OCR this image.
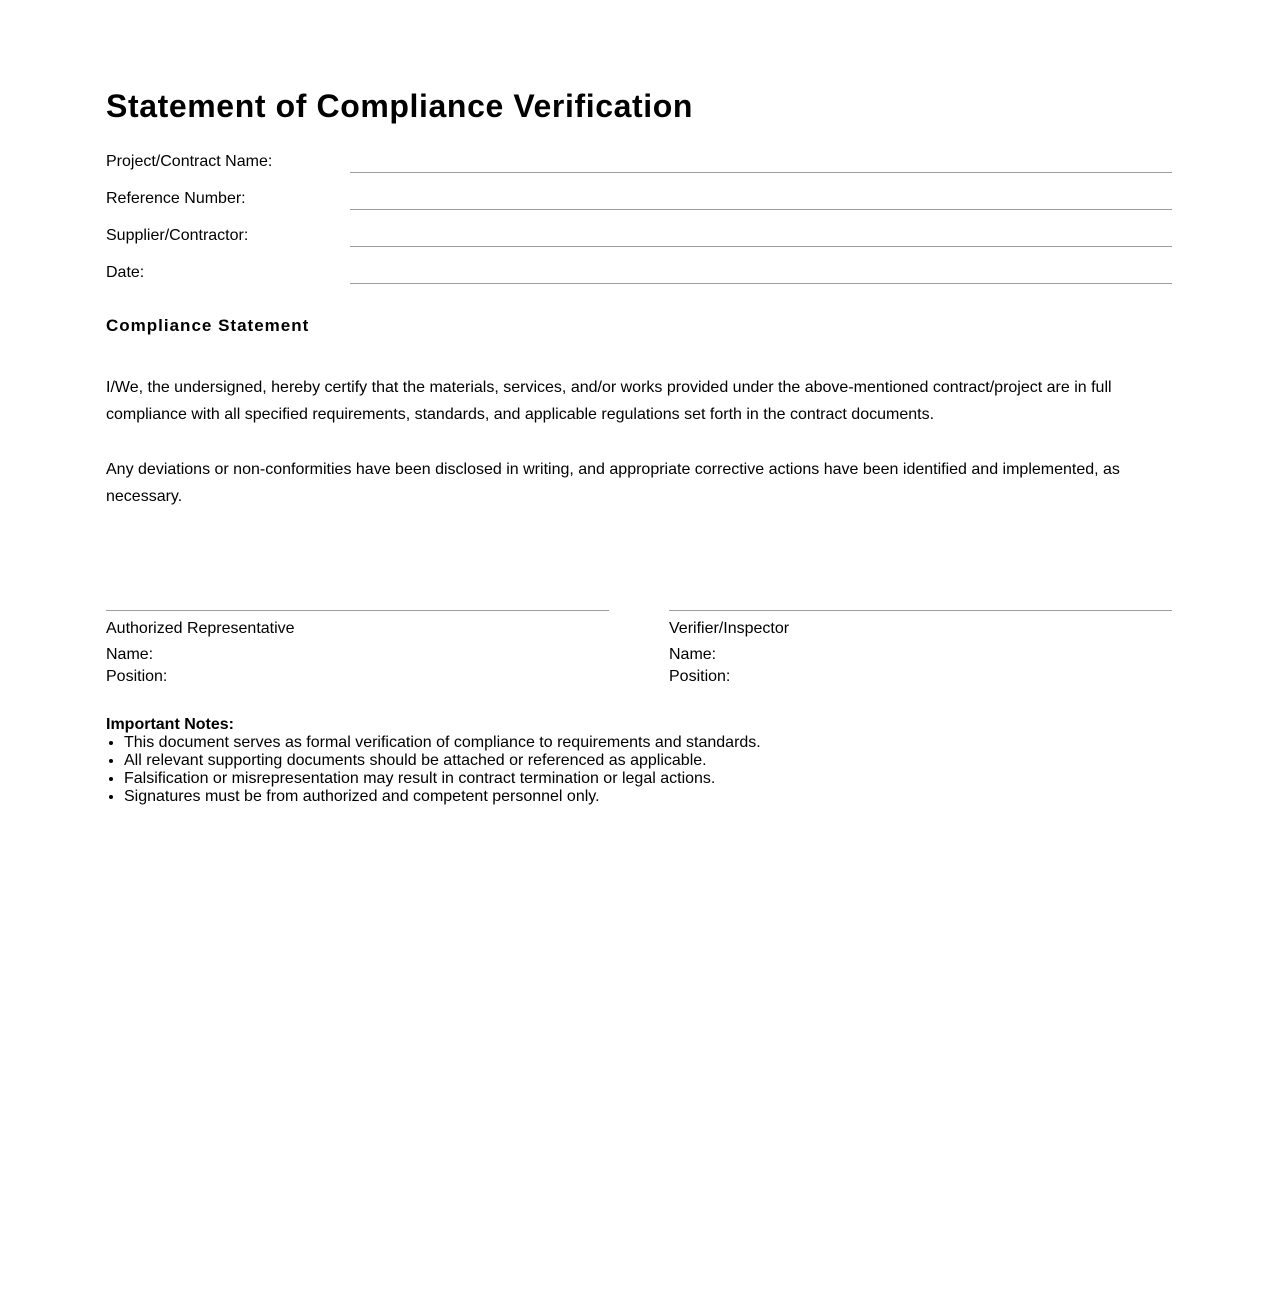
Statement of Compliance Verification
Project/Contract Name:
Reference Number:
Supplier/Contractor:
Date:
Compliance Statement

I/We, the undersigned, hereby certify that the materials, services, and/or works provided under the above-mentioned contract/project are in full compliance with all specified requirements, standards, and applicable regulations set forth in the contract documents.

Any deviations or non-conformities have been disclosed in writing, and appropriate corrective actions have been identified and implemented, as necessary.

Authorized Representative
Name:
Position:
Verifier/Inspector
Name:
Position:

Important Notes:

• This document serves as formal verification of compliance to requirements and standards.
• All relevant supporting documents should be attached or referenced as applicable.
• Falsification or misrepresentation may result in contract termination or legal actions.
• Signatures must be from authorized and competent personnel only.
